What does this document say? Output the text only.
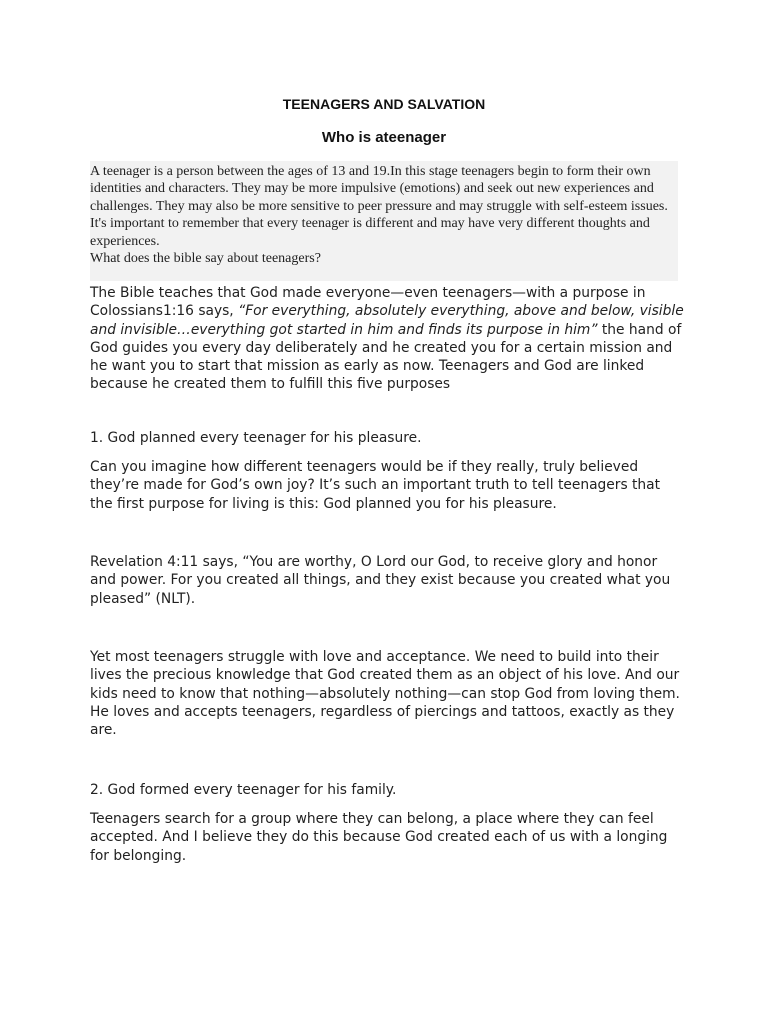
TEENAGERS AND SALVATION
Who is ateenager

A teenager is a person between the ages of 13 and 19.In this stage teenagers begin to form their own identities and characters. They may be more impulsive (emotions) and seek out new experiences and challenges. They may also be more sensitive to peer pressure and may struggle with self-esteem issues. It's important to remember that every teenager is different and may have very different thoughts and experiences.
What does the bible say about teenagers?

The Bible teaches that God made everyone—even teenagers—with a purpose in Colossians1:16 says, “For everything, absolutely everything, above and below, visible and invisible…everything got started in him and finds its purpose in him” the hand of God guides you every day deliberately and he created you for a certain mission and he want you to start that mission as early as now. Teenagers and God are linked because he created them to fulfill this five purposes

1. God planned every teenager for his pleasure.

Can you imagine how different teenagers would be if they really, truly believed they’re made for God’s own joy? It’s such an important truth to tell teenagers that the first purpose for living is this: God planned you for his pleasure.

Revelation 4:11 says, “You are worthy, O Lord our God, to receive glory and honor and power. For you created all things, and they exist because you created what you pleased” (NLT).

Yet most teenagers struggle with love and acceptance. We need to build into their lives the precious knowledge that God created them as an object of his love. And our kids need to know that nothing—absolutely nothing—can stop God from loving them. He loves and accepts teenagers, regardless of piercings and tattoos, exactly as they are.

2. God formed every teenager for his family.

Teenagers search for a group where they can belong, a place where they can feel accepted. And I believe they do this because God created each of us with a longing for belonging.
